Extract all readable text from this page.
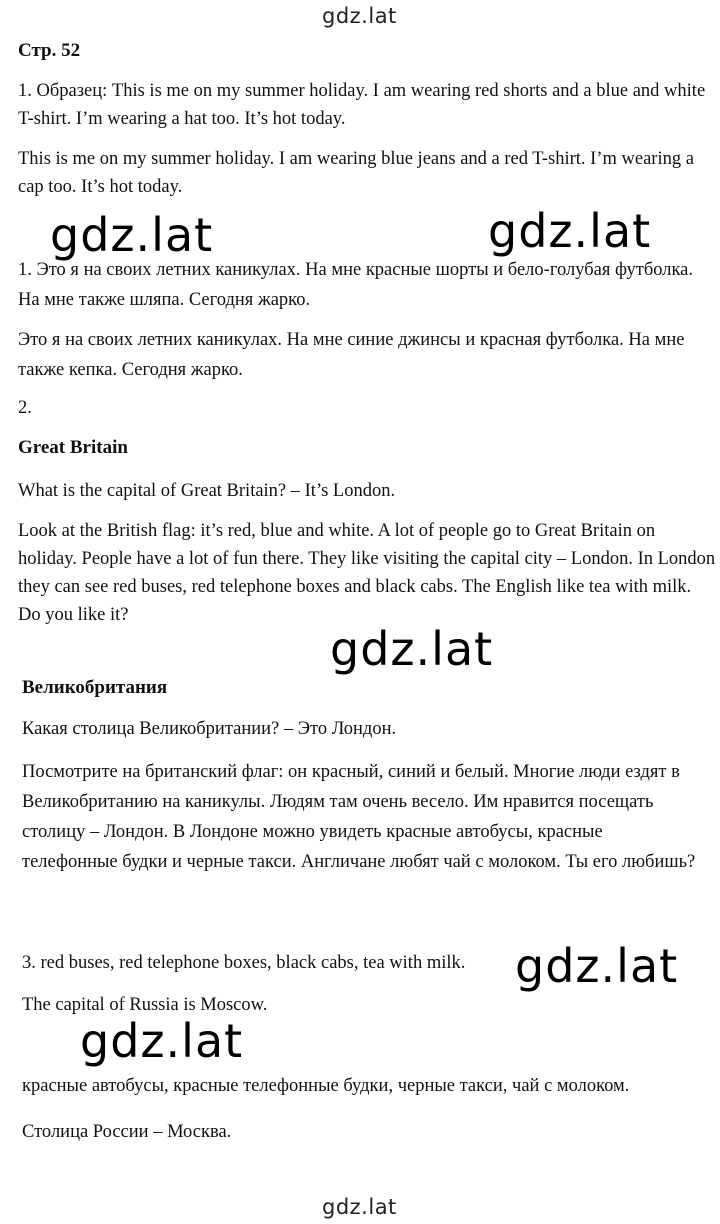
gdz.lat
Стр. 52
1. Образец: This is me on my summer holiday. I am wearing red shorts and a blue and white T-shirt. I’m wearing a hat too. It’s hot today.
This is me on my summer holiday. I am wearing blue jeans and a red T-shirt. I’m wearing a cap too. It’s hot today.
gdz.lat	gdz.lat
1. Это я на своих летних каникулах. На мне красные шорты и бело-голубая футболка. На мне также шляпа. Сегодня жарко.
Это я на своих летних каникулах. На мне синие джинсы и красная футболка. На мне также кепка. Сегодня жарко.
2.
Great Britain
What is the capital of Great Britain? – It’s London.
Look at the British flag: it’s red, blue and white. A lot of people go to Great Britain on holiday. People have a lot of fun there. They like visiting the capital city – London. In London they can see red buses, red telephone boxes and black cabs. The English like tea with milk. Do you like it?
gdz.lat
Великобритания
Какая столица Великобритании? – Это Лондон.
Посмотрите на британский флаг: он красный, синий и белый. Многие люди ездят в Великобританию на каникулы. Людям там очень весело. Им нравится посещать столицу – Лондон. В Лондоне можно увидеть красные автобусы, красные телефонные будки и черные такси. Англичане любят чай с молоком. Ты его любишь?
3. red buses, red telephone boxes, black cabs, tea with milk.	gdz.lat
The capital of Russia is Moscow.
gdz.lat
красные автобусы, красные телефонные будки, черные такси, чай с молоком.
Столица России – Москва.
gdz.lat
